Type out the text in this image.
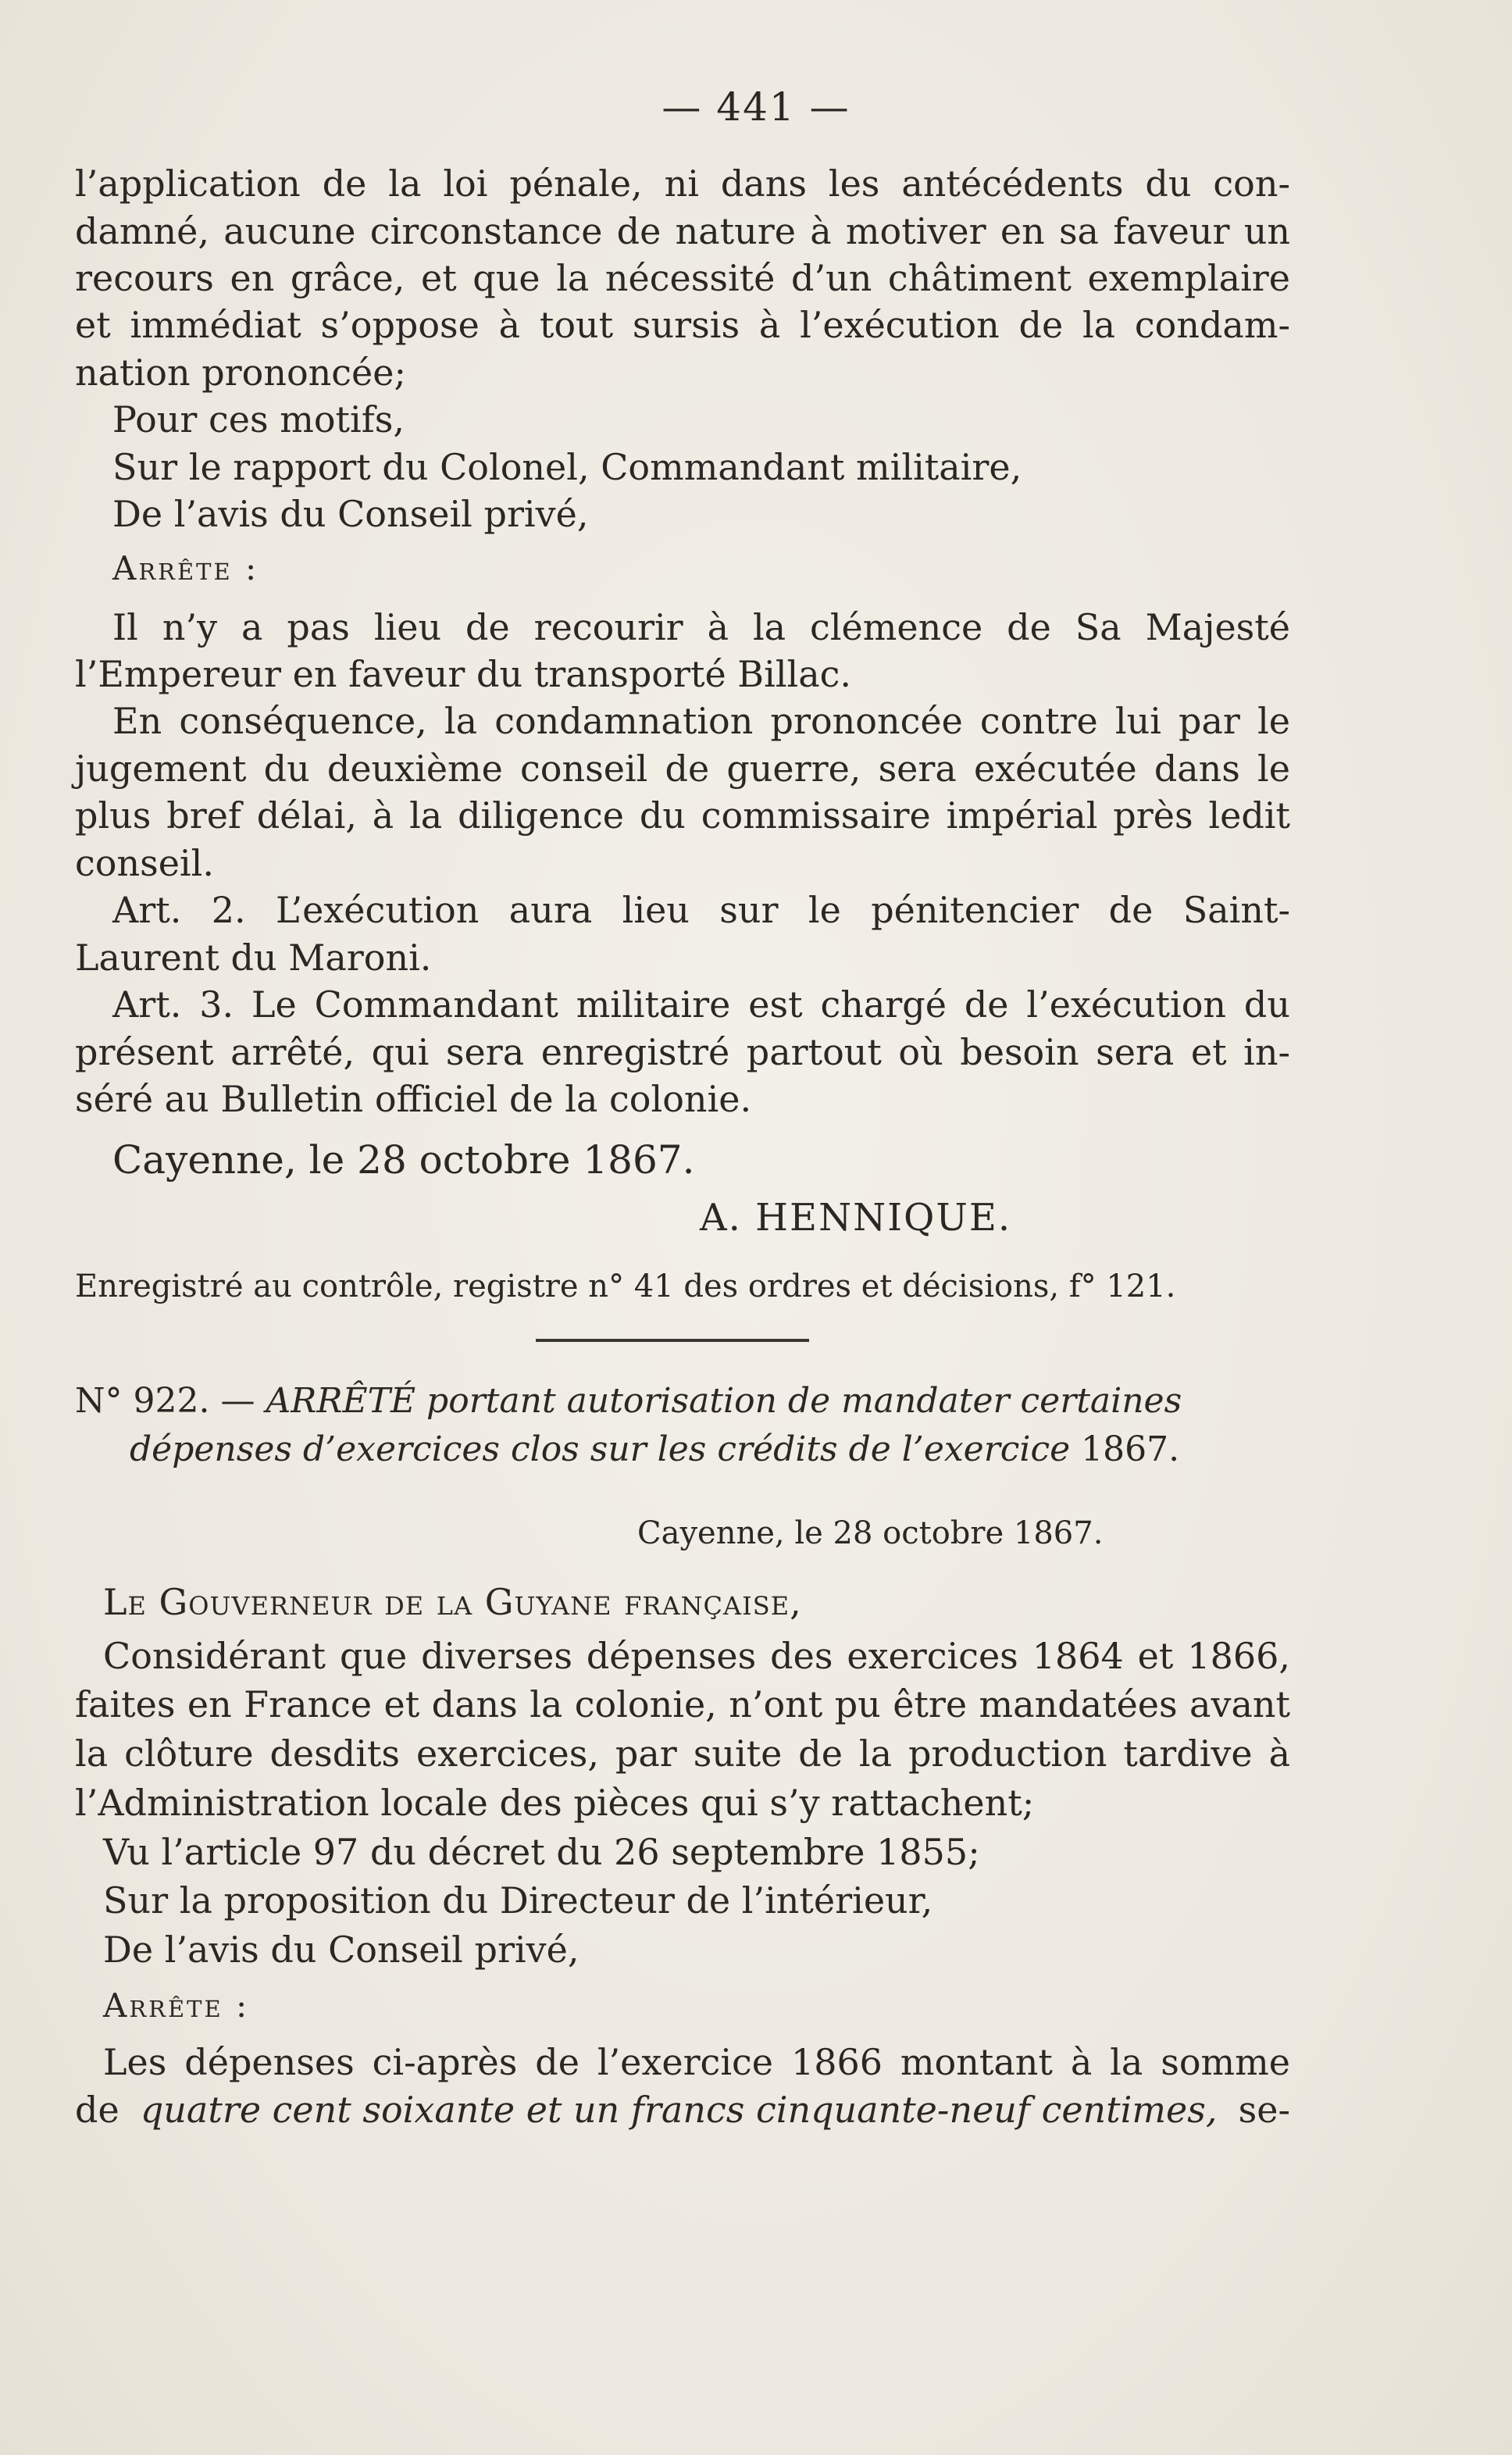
— 441 —
l’application de la loi pénale, ni dans les antécédents du con-
damné, aucune circonstance de nature à motiver en sa faveur un
recours en grâce, et que la nécessité d’un châtiment exemplaire
et immédiat s’oppose à tout sursis à l’exécution de la condam-
nation prononcée;
Pour ces motifs,
Sur le rapport du Colonel, Commandant militaire,
De l’avis du Conseil privé,
Arrête :
Il n’y a pas lieu de recourir à la clémence de Sa Majesté
l’Empereur en faveur du transporté Billac.
En conséquence, la condamnation prononcée contre lui par le
jugement du deuxième conseil de guerre, sera exécutée dans le
plus bref délai, à la diligence du commissaire impérial près ledit
conseil.
Art. 2. L’exécution aura lieu sur le pénitencier de Saint-
Laurent du Maroni.
Art. 3. Le Commandant militaire est chargé de l’exécution du
présent arrêté, qui sera enregistré partout où besoin sera et in-
séré au Bulletin officiel de la colonie.
Cayenne, le 28 octobre 1867.
A. HENNIQUE.
Enregistré au contrôle, registre n° 41 des ordres et décisions, f° 121.
N° 922. — ARRÊTÉ portant autorisation de mandater certaines
dépenses d’exercices clos sur les crédits de l’exercice 1867.
Cayenne, le 28 octobre 1867.
Le Gouverneur de la Guyane française,
Considérant que diverses dépenses des exercices 1864 et 1866,
faites en France et dans la colonie, n’ont pu être mandatées avant
la clôture desdits exercices, par suite de la production tardive à
l’Administration locale des pièces qui s’y rattachent;
Vu l’article 97 du décret du 26 septembre 1855;
Sur la proposition du Directeur de l’intérieur,
De l’avis du Conseil privé,
Arrête :
Les dépenses ci-après de l’exercice 1866 montant à la somme
de quatre cent soixante et un francs cinquante-neuf centimes, se-
